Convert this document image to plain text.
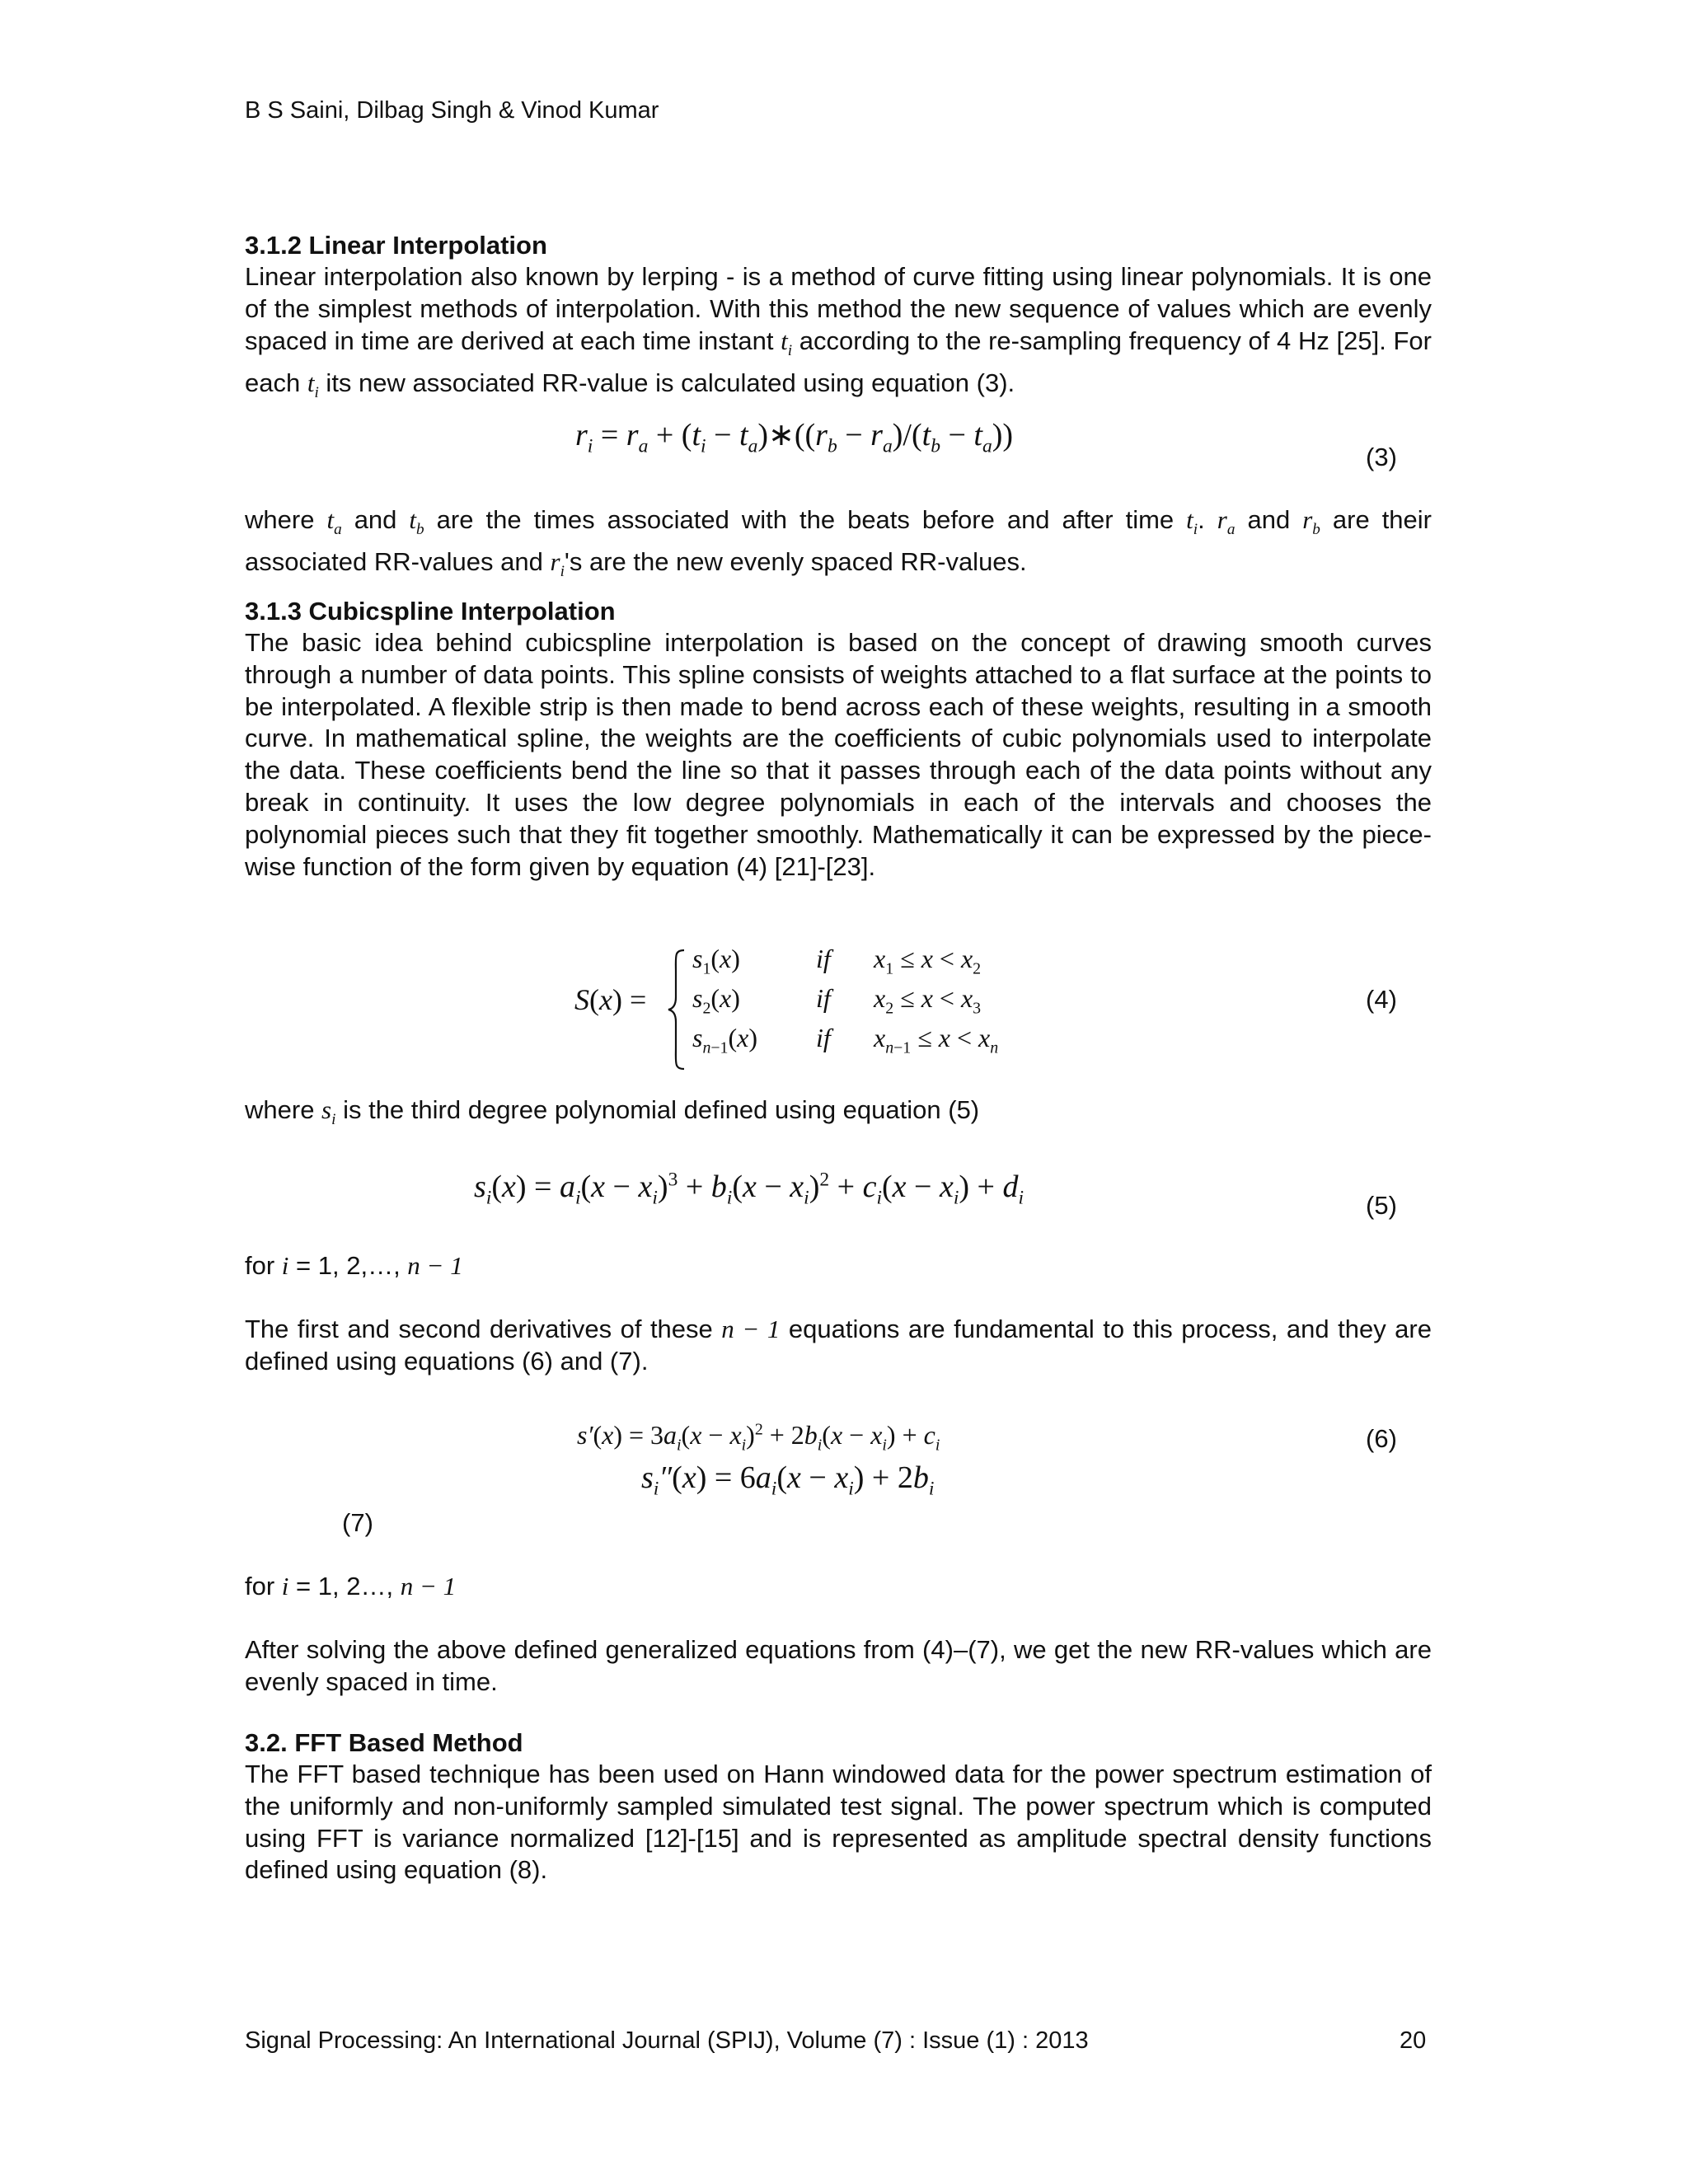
B S Saini, Dilbag Singh & Vinod Kumar
3.1.2 Linear Interpolation
Linear interpolation also known by lerping - is a method of curve fitting using linear polynomials. It is one of the simplest methods of interpolation. With this method the new sequence of values which are evenly spaced in time are derived at each time instant $t_i$ according to the re-sampling frequency of 4 Hz [25]. For each $t_i$ its new associated RR-value is calculated using equation (3).
$r_i = r_a + (t_i$ − $t_a)∗((r_b - r_a)/(t_b - t_a))$
(3)
where $t_a$ and $t_b$ are the times associated with the beats before and after time $t_i$. $r_a$ and $r_b$ are their associated RR-values and $r_i's$ are the new evenly spaced RR-values.
3.1.3 Cubicspline Interpolation
The basic idea behind cubicspline interpolation is based on the concept of drawing smooth curves through a number of data points. This spline consists of weights attached to a flat surface at the points to be interpolated. A flexible strip is then made to bend across each of these weights, resulting in a smooth curve. In mathematical spline, the weights are the coefficients of cubic polynomials used to interpolate the data. These coefficients bend the line so that it passes through each of the data points without any break in continuity. It uses the low degree polynomials in each of the intervals and chooses the polynomial pieces such that they fit together smoothly. Mathematically it can be expressed by the piece-wise function of the form given by equation (4) [21]-[23].
S(x) =
$s_1(x)$	if $x_1 \le x < x_2$
$s_2(x)$	if $x_2 \le x < x_3$
$s_{n-1}(x)$ if $x_{n-1} \le x < x_n$
(4)
where $s_i$ is the third degree polynomial defined using equation (5)
$s_i(x) = a_i(x - x_i)^3 + b_i(x - x_i)^2 + c_i(x - x_i) + d_i$	(5)
for i = 1, 2,…, n − 1
The first and second derivatives of these n − 1 equations are fundamental to this process, and they are defined using equations (6) and (7).
$s'(x) = 3a_i(x - x_i)^2 + 2b_i(x - x_i) + c_i$	(6)
$s_i''(x) = 6a_i(x - x_i) + 2b_i$
(7)
for i = 1, 2…, n − 1
After solving the above defined generalized equations from (4)–(7), we get the new RR-values which are evenly spaced in time.
3.2. FFT Based Method
The FFT based technique has been used on Hann windowed data for the power spectrum estimation of the uniformly and non-uniformly sampled simulated test signal. The power spectrum which is computed using FFT is variance normalized [12]-[15] and is represented as amplitude spectral density functions defined using equation (8).
Signal Processing: An International Journal (SPIJ), Volume (7) : Issue (1) : 2013	20
